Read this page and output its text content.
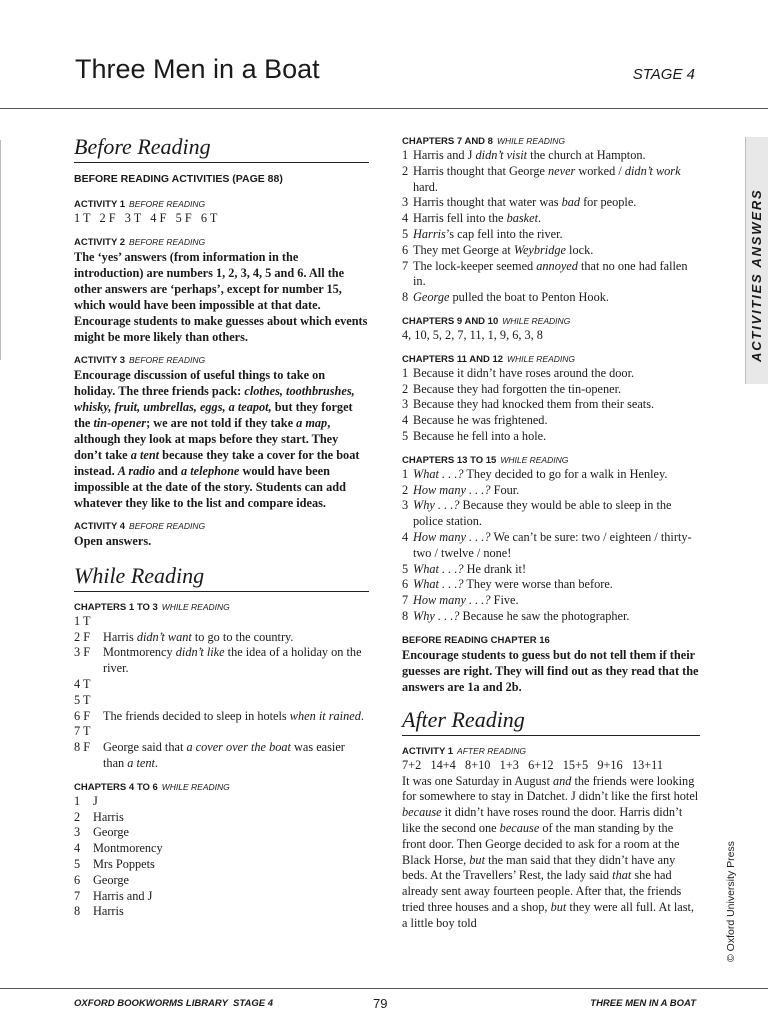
Three Men in a Boat	STAGE 4
ACTIVITIES ANSWERS
© Oxford University Press
Before Reading
BEFORE READING ACTIVITIES (PAGE 88)
ACTIVITY 1 BEFORE READING

1 T   2 F   3 T   4 F   5 F   6 T

ACTIVITY 2 BEFORE READING

The ‘yes’ answers (from information in the introduction) are numbers 1, 2, 3, 4, 5 and 6. All the other answers are ‘perhaps’, except for number 15, which would have been impossible at that date. Encourage students to make guesses about which events might be more likely than others.

ACTIVITY 3 BEFORE READING

Encourage discussion of useful things to take on holiday. The three friends pack: clothes, toothbrushes, whisky, fruit, umbrellas, eggs, a teapot, but they forget the tin-opener; we are not told if they take a map, although they look at maps before they start. They don’t take a tent because they take a cover for the boat instead. A radio and a telephone would have been impossible at the date of the story. Students can add whatever they like to the list and compare ideas.

ACTIVITY 4 BEFORE READING

Open answers.

While Reading
CHAPTERS 1 TO 3 WHILE READING
1 T
2 F	Harris didn’t want to go to the country.
3 F	Montmorency didn’t like the idea of a holiday on the river.
4 T
5 T
6 F	The friends decided to sleep in hotels when it rained.
7 T
8 F	George said that a cover over the boat was easier than a tent.
CHAPTERS 4 TO 6 WHILE READING
1	J
2	Harris
3	George
4	Montmorency
5	Mrs Poppets
6	George
7	Harris and J
8	Harris
CHAPTERS 7 AND 8 WHILE READING
1 Harris and J didn’t visit the church at Hampton.
2 Harris thought that George never worked / didn’t work hard.
3 Harris thought that water was bad for people.
4 Harris fell into the basket.
5 Harris’s cap fell into the river.
6 They met George at Weybridge lock.
7 The lock-keeper seemed annoyed that no one had fallen in.
8 George pulled the boat to Penton Hook.
CHAPTERS 9 AND 10 WHILE READING

4, 10, 5, 2, 7, 11, 1, 9, 6, 3, 8

CHAPTERS 11 AND 12 WHILE READING
1 Because it didn’t have roses around the door.
2 Because they had forgotten the tin-opener.
3 Because they had knocked them from their seats.
4 Because he was frightened.
5 Because he fell into a hole.
CHAPTERS 13 TO 15 WHILE READING
1 What . . .? They decided to go for a walk in Henley.
2 How many . . .? Four.
3 Why . . .? Because they would be able to sleep in the police station.
4 How many . . .? We can’t be sure: two / eighteen / thirty-two / twelve / none!
5 What . . .? He drank it!
6 What . . .? They were worse than before.
7 How many . . .? Five.
8 Why . . .? Because he saw the photographer.
BEFORE READING CHAPTER 16

Encourage students to guess but do not tell them if their guesses are right. They will find out as they read that the answers are 1a and 2b.

After Reading
ACTIVITY 1 AFTER READING

7+2   14+4   8+10   1+3   6+12   15+5   9+16   13+11

It was one Saturday in August and the friends were looking for somewhere to stay in Datchet. J didn’t like the first hotel because it didn’t have roses round the door. Harris didn’t like the second one because of the man standing by the front door. Then George decided to ask for a room at the Black Horse, but the man said that they didn’t have any beds. At the Travellers’ Rest, the lady said that she had already sent away fourteen people. After that, the friends tried three houses and a shop, but they were all full. At last, a little boy told

OXFORD BOOKWORMS LIBRARY  STAGE 4	79	THREE MEN IN A BOAT
